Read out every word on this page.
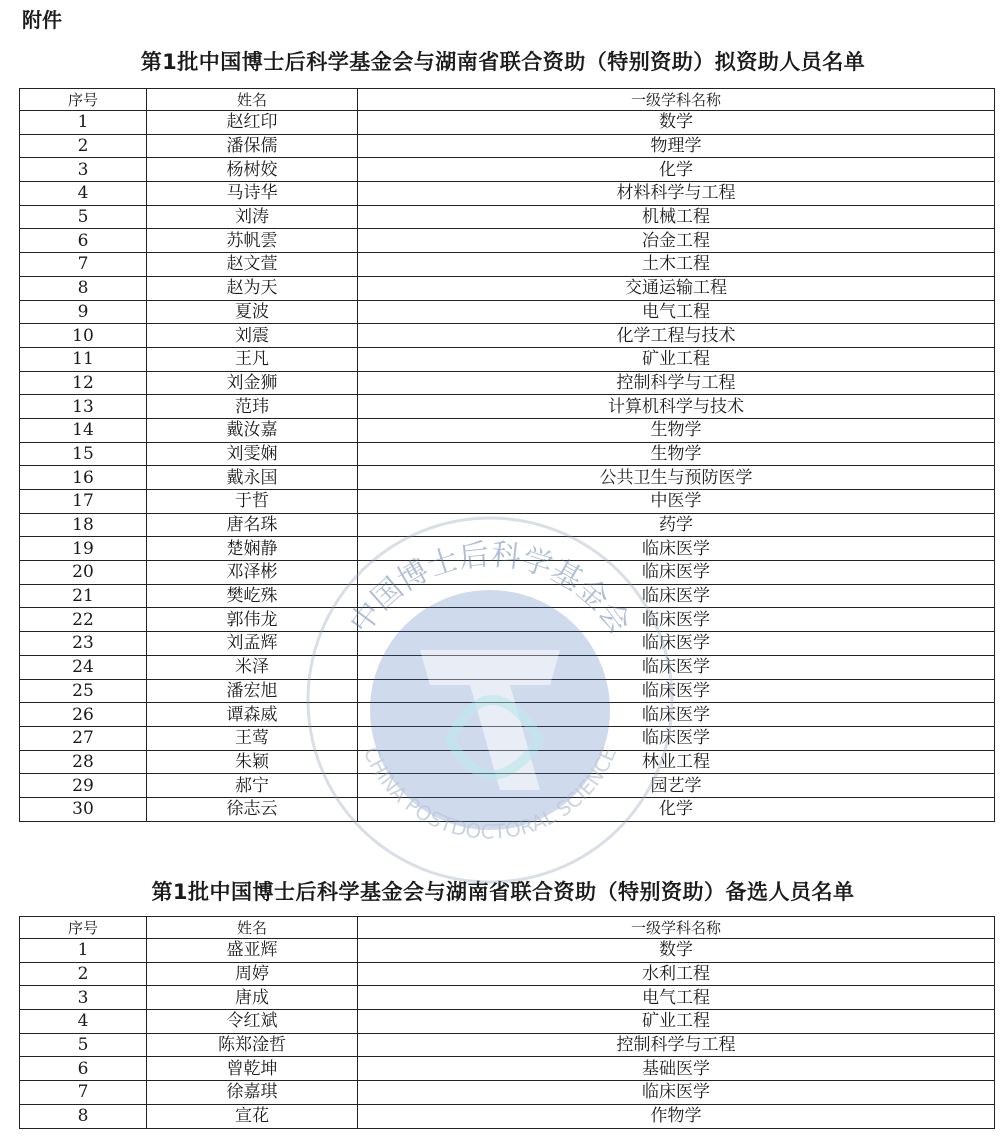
附件
第1批中国博士后科学基金会与湖南省联合资助（特别资助）拟资助人员名单
序号	姓名	一级学科名称
1	赵红印	数学
2	潘保儒	物理学
3	杨树姣	化学
4	马诗华	材料科学与工程
5	刘涛	机械工程
6	苏帆雲	冶金工程
7	赵文萱	土木工程
8	赵为天	交通运输工程
9	夏波	电气工程
10	刘震	化学工程与技术
11	王凡	矿业工程
12	刘金狮	控制科学与工程
13	范玮	计算机科学与技术
14	戴汝嘉	生物学
15	刘雯娴	生物学
16	戴永国	公共卫生与预防医学
17	于哲	中医学
18	唐名珠	药学
19	楚娴静	临床医学
20	邓泽彬	临床医学
21	樊屹殊	临床医学
22	郭伟龙	临床医学
23	刘孟辉	临床医学
24	米泽	临床医学
25	潘宏旭	临床医学
26	谭森威	临床医学
27	王莺	临床医学
28	朱颖	林业工程
29	郝宁	园艺学
30	徐志云	化学
第1批中国博士后科学基金会与湖南省联合资助（特别资助）备选人员名单
序号	姓名	一级学科名称
1	盛亚辉	数学
2	周婷	水利工程
3	唐成	电气工程
4	令红斌	矿业工程
5	陈郑淦哲	控制科学与工程
6	曾乾坤	基础医学
7	徐嘉琪	临床医学
8	宣花	作物学
中国博士后科学基金会
CHINA POSTDOCTORAL SCIENCE
